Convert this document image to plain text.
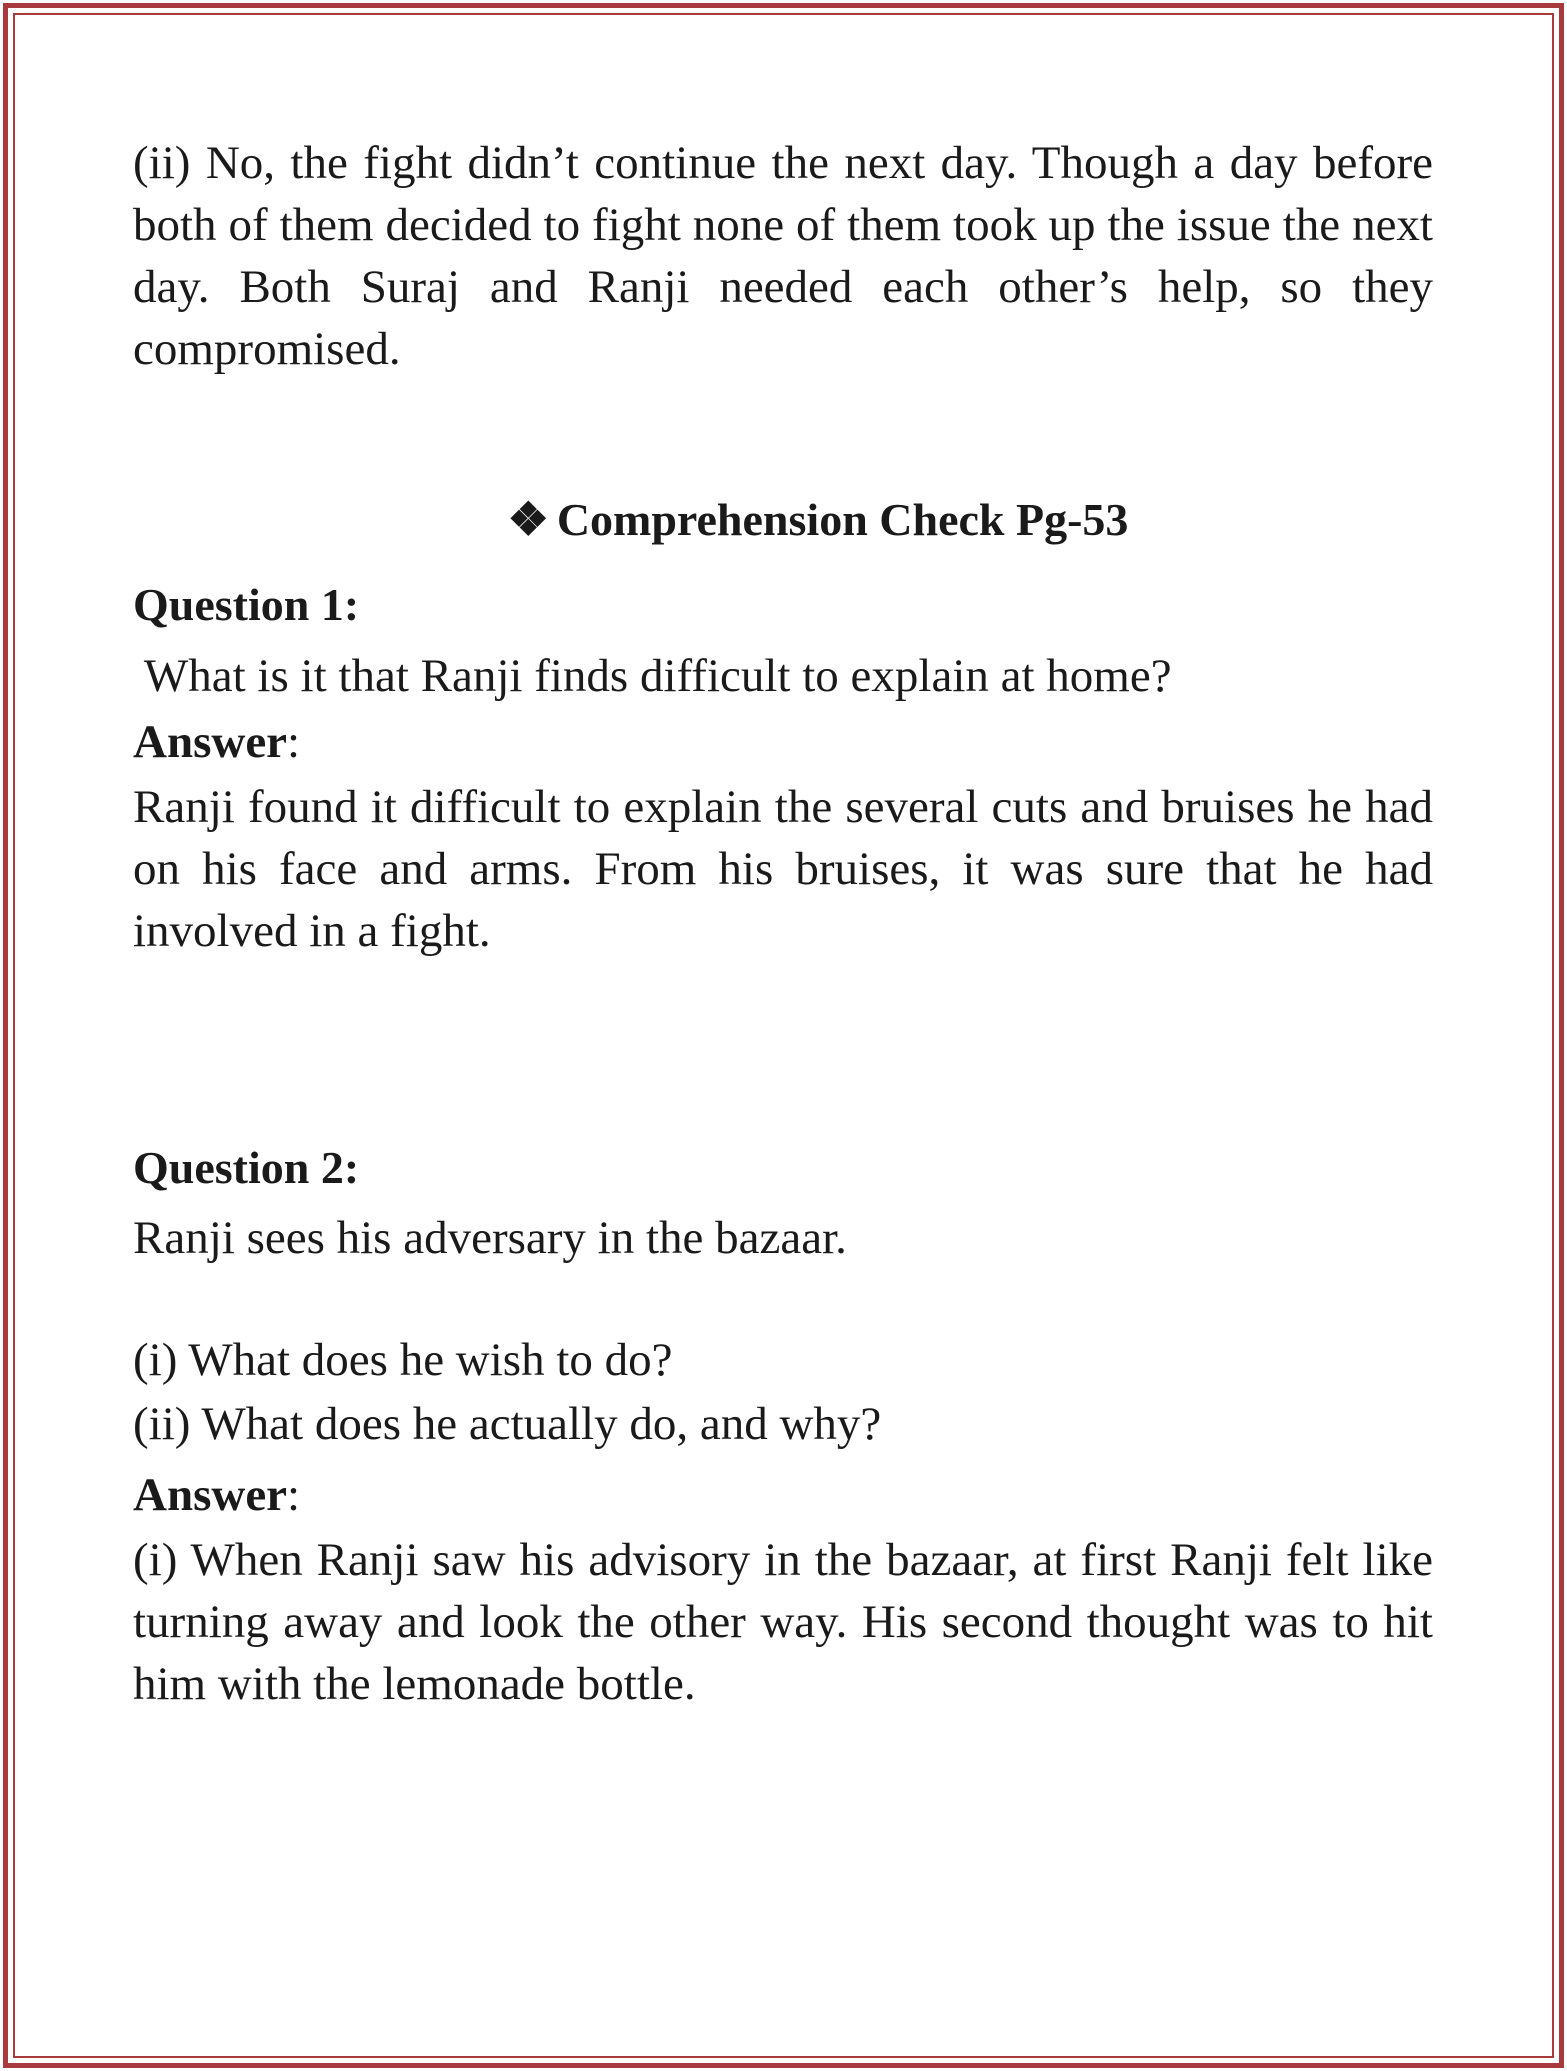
(ii) No, the fight didn’t continue the next day. Though a day before both of them decided to fight none of them took up the issue the next day. Both Suraj and Ranji needed each other’s help, so they compromised.

❖ Comprehension Check Pg-53

Question 1:

What is it that Ranji finds difficult to explain at home?

Answer:

Ranji found it difficult to explain the several cuts and bruises he had on his face and arms. From his bruises, it was sure that he had involved in a fight.

Question 2:

Ranji sees his adversary in the bazaar.

(i) What does he wish to do?

(ii) What does he actually do, and why?

Answer:

(i) When Ranji saw his advisory in the bazaar, at first Ranji felt like turning away and look the other way. His second thought was to hit him with the lemonade bottle.
